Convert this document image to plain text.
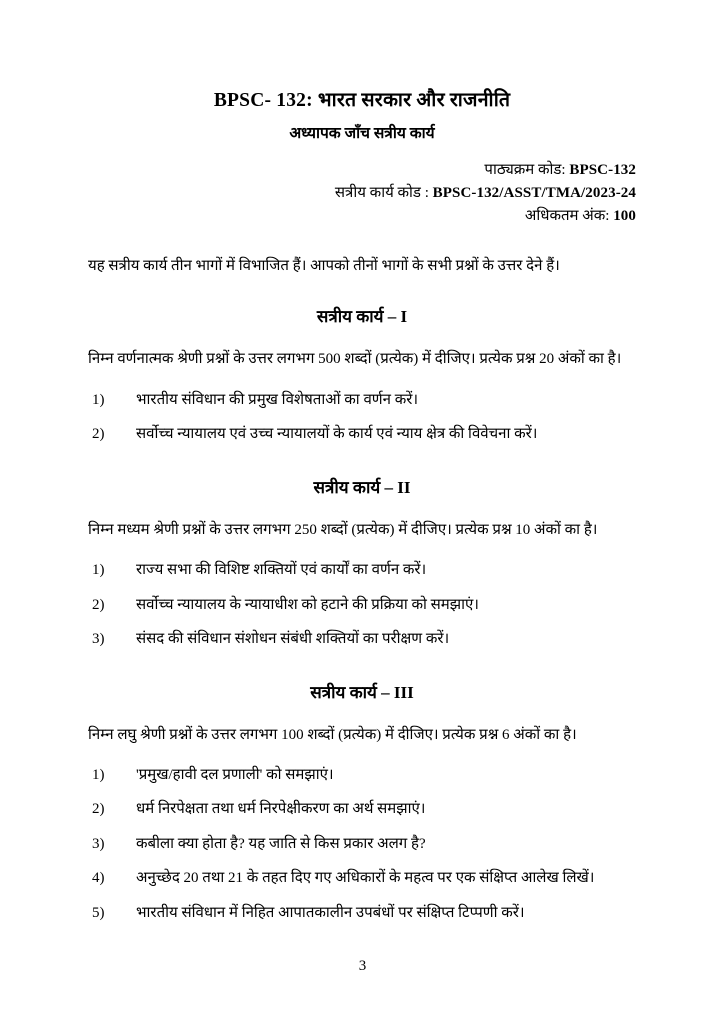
BPSC- 132: भारत सरकार और राजनीति
अध्यापक जाँच सत्रीय कार्य
पाठ्यक्रम कोड: BPSC-132
सत्रीय कार्य कोड : BPSC-132/ASST/TMA/2023-24
अधिकतम अंक: 100

यह सत्रीय कार्य तीन भागों में विभाजित हैं। आपको तीनों भागों के सभी प्रश्नों के उत्तर देने हैं।

सत्रीय कार्य – I

निम्न वर्णनात्मक श्रेणी प्रश्नों के उत्तर लगभग 500 शब्दों (प्रत्येक) में दीजिए। प्रत्येक प्रश्न 20 अंकों का है।

1)	भारतीय संविधान की प्रमुख विशेषताओं का वर्णन करें।
2)	सर्वोच्च न्यायालय एवं उच्च न्यायालयों के कार्य एवं न्याय क्षेत्र की विवेचना करें।
सत्रीय कार्य – II

निम्न मध्यम श्रेणी प्रश्नों के उत्तर लगभग 250 शब्दों (प्रत्येक) में दीजिए। प्रत्येक प्रश्न 10 अंकों का है।

1)	राज्य सभा की विशिष्ट शक्तियों एवं कार्यों का वर्णन करें।
2)	सर्वोच्च न्यायालय के न्यायाधीश को हटाने की प्रक्रिया को समझाएं।
3)	संसद की संविधान संशोधन संबंधी शक्तियों का परीक्षण करें।
सत्रीय कार्य – III

निम्न लघु श्रेणी प्रश्नों के उत्तर लगभग 100 शब्दों (प्रत्येक) में दीजिए। प्रत्येक प्रश्न 6 अंकों का है।

1)	'प्रमुख/हावी दल प्रणाली' को समझाएं।
2)	धर्म निरपेक्षता तथा धर्म निरपेक्षीकरण का अर्थ समझाएं।
3)	कबीला क्या होता है? यह जाति से किस प्रकार अलग है?
4)	अनुच्छेद 20 तथा 21 के तहत दिए गए अधिकारों के महत्व पर एक संक्षिप्त आलेख लिखें।
5)	भारतीय संविधान में निहित आपातकालीन उपबंधों पर संक्षिप्त टिप्पणी करें।
3
